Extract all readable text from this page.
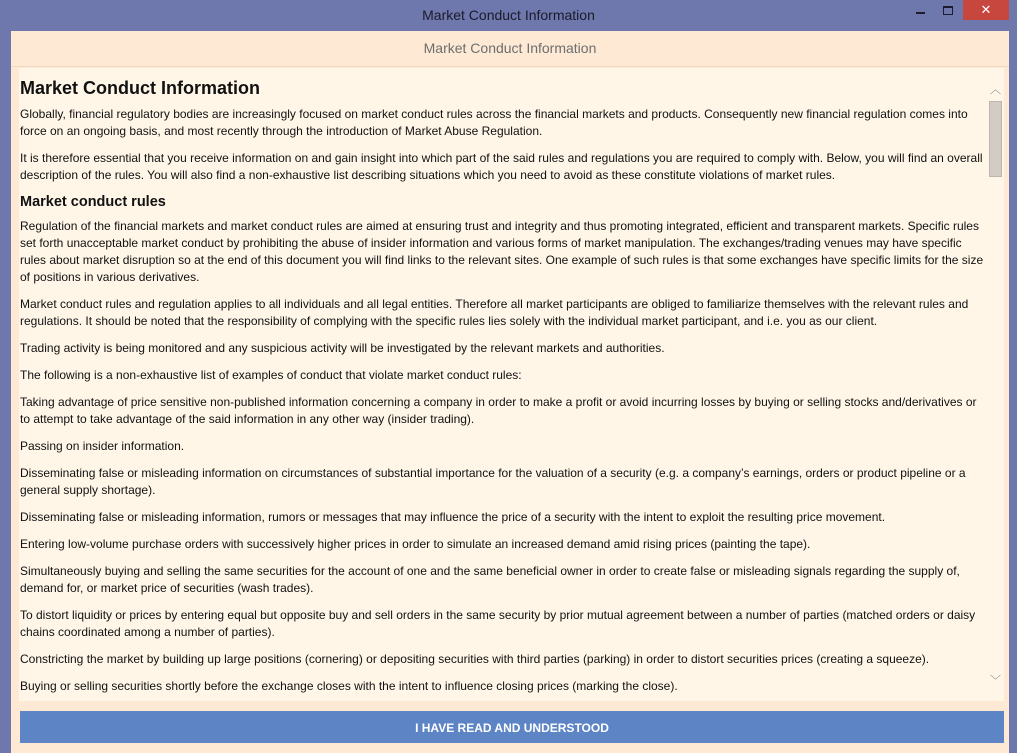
Market Conduct Information	✕
Market Conduct Information
Market Conduct Information

Globally, financial regulatory bodies are increasingly focused on market conduct rules across the financial markets and products. Consequently new financial regulation comes into force on an ongoing basis, and most recently through the introduction of Market Abuse Regulation.

It is therefore essential that you receive information on and gain insight into which part of the said rules and regulations you are required to comply with. Below, you will find an overall description of the rules. You will also find a non-exhaustive list describing situations which you need to avoid as these constitute violations of market rules.

Market conduct rules

Regulation of the financial markets and market conduct rules are aimed at ensuring trust and integrity and thus promoting integrated, efficient and transparent markets. Specific rules set forth unacceptable market conduct by prohibiting the abuse of insider information and various forms of market manipulation. The exchanges/trading venues may have specific rules about market disruption so at the end of this document you will find links to the relevant sites. One example of such rules is that some exchanges have specific limits for the size of positions in various derivatives.

Market conduct rules and regulation applies to all individuals and all legal entities. Therefore all market participants are obliged to familiarize themselves with the relevant rules and regulations. It should be noted that the responsibility of complying with the specific rules lies solely with the individual market participant, and i.e. you as our client.

Trading activity is being monitored and any suspicious activity will be investigated by the relevant markets and authorities.

The following is a non-exhaustive list of examples of conduct that violate market conduct rules:

Taking advantage of price sensitive non-published information concerning a company in order to make a profit or avoid incurring losses by buying or selling stocks and/derivatives or to attempt to take advantage of the said information in any other way (insider trading).

Passing on insider information.

Disseminating false or misleading information on circumstances of substantial importance for the valuation of a security (e.g. a company’s earnings, orders or product pipeline or a general supply shortage).

Disseminating false or misleading information, rumors or messages that may influence the price of a security with the intent to exploit the resulting price movement.

Entering low-volume purchase orders with successively higher prices in order to simulate an increased demand amid rising prices (painting the tape).

Simultaneously buying and selling the same securities for the account of one and the same beneficial owner in order to create false or misleading signals regarding the supply of, demand for, or market price of securities (wash trades).

To distort liquidity or prices by entering equal but opposite buy and sell orders in the same security by prior mutual agreement between a number of parties (matched orders or daisy chains coordinated among a number of parties).

Constricting the market by building up large positions (cornering) or depositing securities with third parties (parking) in order to distort securities prices (creating a squeeze).

Buying or selling securities shortly before the exchange closes with the intent to influence closing prices (marking the close).

︿
﹀
I HAVE READ AND UNDERSTOOD
